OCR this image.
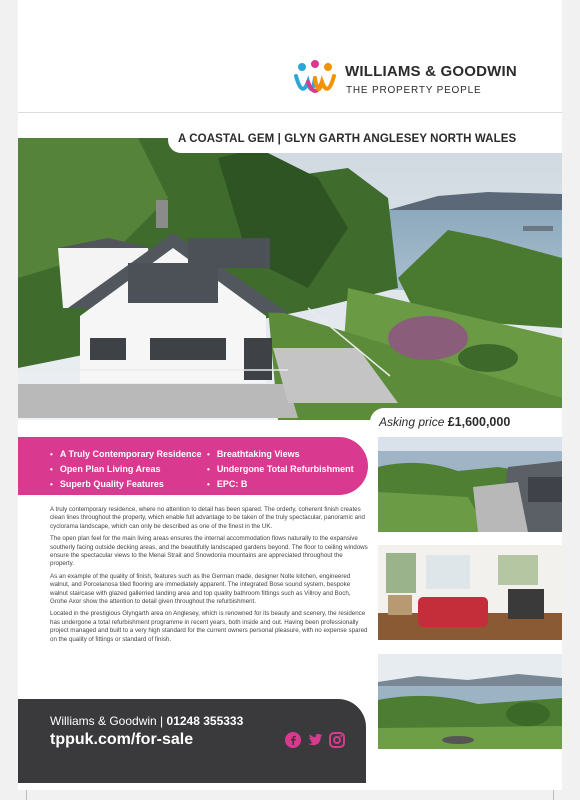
WILLIAMS & GOODWIN
THE PROPERTY PEOPLE
A COASTAL GEM | GLYN GARTH ANGLESEY NORTH WALES
Asking price £1,600,000
• A Truly Contemporary Residence
• Open Plan Living Areas
• Superb Quality Features
• Breathtaking Views
• Undergone Total Refurbishment
• EPC: B

A truly contemporary residence, where no attention to detail has been spared. The orderly, coherent finish creates clean lines throughout the property, which enable full advantage to be taken of the truly spectacular, panoramic and cyclorama landscape, which can only be described as one of the finest in the UK.

The open plan feel for the main living areas ensures the internal accommodation flows naturally to the expansive southerly facing outside decking areas, and the beautifully landscaped gardens beyond. The floor to ceiling windows ensure the spectacular views to the Menai Strait and Snowdonia mountains are appreciated throughout the property.

As an example of the quality of finish, features such as the German made, designer Nolte kitchen, engineered walnut, and Porcelanosa tiled flooring are immediately apparent. The integrated Bose sound system, bespoke walnut staircase with glazed gallerried landing area and top quality bathroom fittings such as Villroy and Boch, Grohe Axor show the attention to detail given throughout the refurbishment.

Located in the prestigious Glyngarth area on Anglesey, which is renowned for its beauty and scenery, the residence has undergone a total refurbishment programme in recent years, both inside and out. Having been professionally project managed and built to a very high standard for the current owners personal pleasure, with no expense spared on the quality of fittings or standard of finish.

Williams & Goodwin | 01248 355333
tppuk.com/for-sale
